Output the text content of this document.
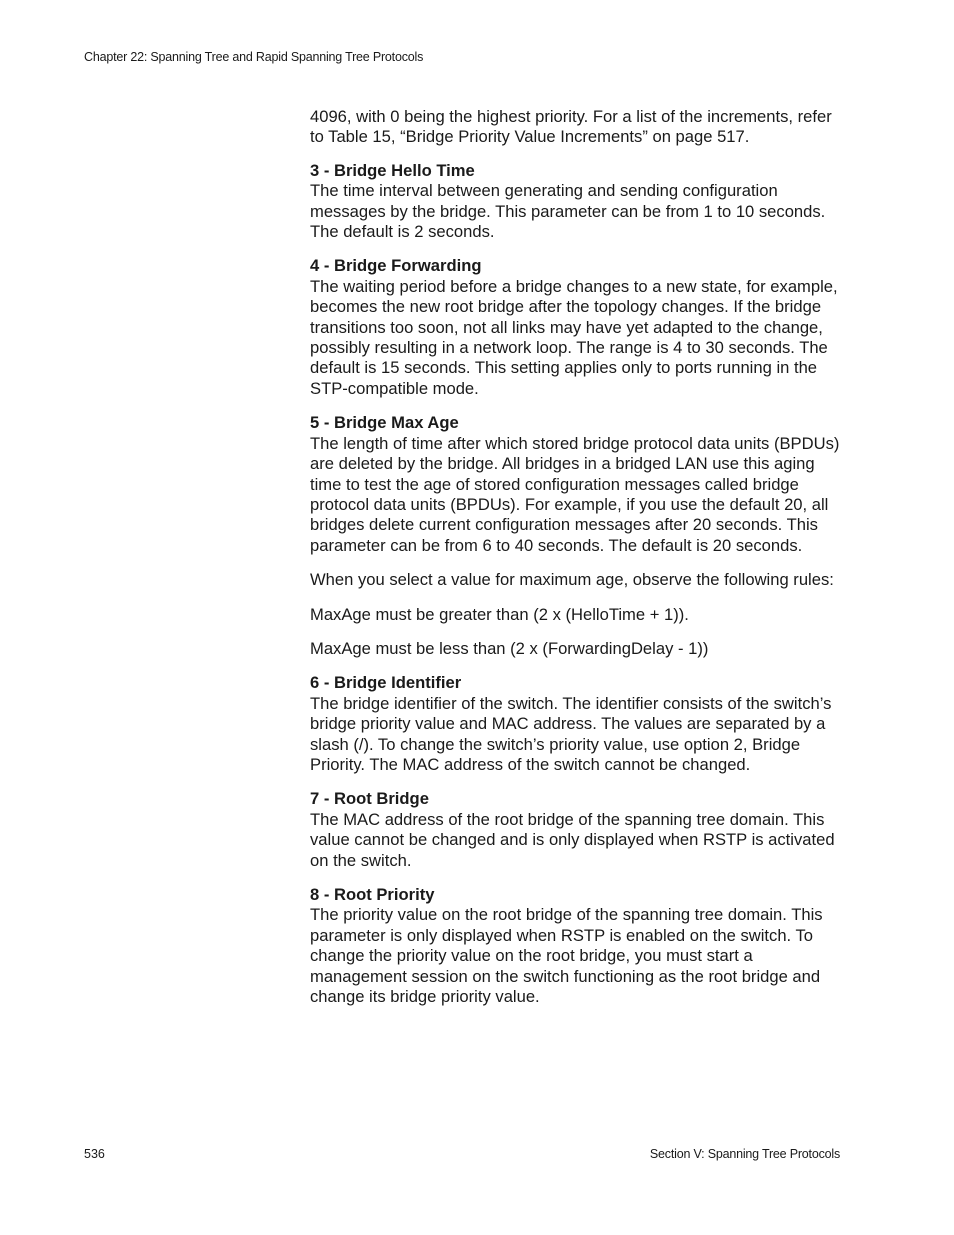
Chapter 22: Spanning Tree and Rapid Spanning Tree Protocols

4096, with 0 being the highest priority. For a list of the increments, refer to Table 15, “Bridge Priority Value Increments” on page 517.

3 - Bridge Hello Time

The time interval between generating and sending configuration messages by the bridge. This parameter can be from 1 to 10 seconds. The default is 2 seconds.

4 - Bridge Forwarding

The waiting period before a bridge changes to a new state, for example, becomes the new root bridge after the topology changes. If the bridge transitions too soon, not all links may have yet adapted to the change, possibly resulting in a network loop. The range is 4 to 30 seconds. The default is 15 seconds. This setting applies only to ports running in the STP-compatible mode.

5 - Bridge Max Age

The length of time after which stored bridge protocol data units (BPDUs) are deleted by the bridge. All bridges in a bridged LAN use this aging time to test the age of stored configuration messages called bridge protocol data units (BPDUs). For example, if you use the default 20, all bridges delete current configuration messages after 20 seconds. This parameter can be from 6 to 40 seconds. The default is 20 seconds.

When you select a value for maximum age, observe the following rules:

MaxAge must be greater than (2 x (HelloTime + 1)).

MaxAge must be less than (2 x (ForwardingDelay - 1))

6 - Bridge Identifier

The bridge identifier of the switch. The identifier consists of the switch’s bridge priority value and MAC address. The values are separated by a slash (/). To change the switch’s priority value, use option 2, Bridge Priority. The MAC address of the switch cannot be changed.

7 - Root Bridge

The MAC address of the root bridge of the spanning tree domain. This value cannot be changed and is only displayed when RSTP is activated on the switch.

8 - Root Priority

The priority value on the root bridge of the spanning tree domain. This parameter is only displayed when RSTP is enabled on the switch. To change the priority value on the root bridge, you must start a management session on the switch functioning as the root bridge and change its bridge priority value.

536	Section V: Spanning Tree Protocols
